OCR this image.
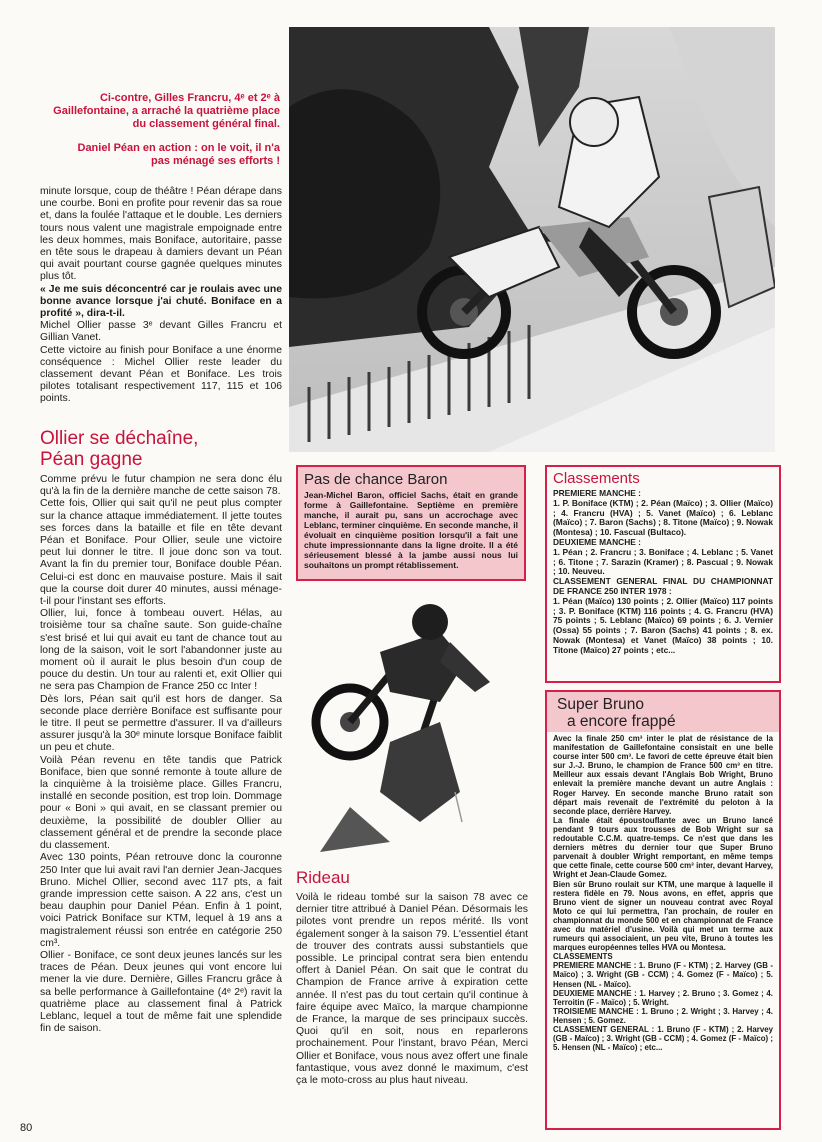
Ci-contre, Gilles Francru, 4ᵉ et 2ᵉ à Gaillefontaine, a arraché la quatrième place du classement général final.
Daniel Péan en action : on le voit, il n'a pas ménagé ses efforts !

minute lorsque, coup de théâtre ! Péan dérape dans une courbe. Boni en profite pour revenir das sa roue et, dans la foulée l'attaque et le double. Les derniers tours nous valent une magistrale empoignade entre les deux hommes, mais Boniface, autoritaire, passe en tête sous le drapeau à damiers devant un Péan qui avait pourtant course gagnée quelques minutes plus tôt.

« Je me suis déconcentré car je roulais avec une bonne avance lorsque j'ai chuté. Boniface en a profité », dira-t-il.

Michel Ollier passe 3ᵉ devant Gilles Francru et Gillian Vanet.

Cette victoire au finish pour Boniface a une énorme conséquence : Michel Ollier reste leader du classement devant Péan et Boniface. Les trois pilotes totalisant respectivement 117, 115 et 106 points.

Ollier se déchaîne,
Péan gagne

Comme prévu le futur champion ne sera donc élu qu'à la fin de la dernière manche de cette saison 78.

Cette fois, Ollier qui sait qu'il ne peut plus compter sur la chance attaque immédiatement. Il jette toutes ses forces dans la bataille et file en tête devant Péan et Boniface. Pour Ollier, seule une victoire peut lui donner le titre. Il joue donc son va tout. Avant la fin du premier tour, Boniface double Péan. Celui-ci est donc en mauvaise posture. Mais il sait que la course doit durer 40 minutes, aussi ménage-t-il pour l'instant ses efforts.

Ollier, lui, fonce à tombeau ouvert. Hélas, au troisième tour sa chaîne saute. Son guide-chaîne s'est brisé et lui qui avait eu tant de chance tout au long de la saison, voit le sort l'abandonner juste au moment où il aurait le plus besoin d'un coup de pouce du destin. Un tour au ralenti et, exit Ollier qui ne sera pas Champion de France 250 cc Inter !

Dès lors, Péan sait qu'il est hors de danger. Sa seconde place derrière Boniface est suffisante pour le titre. Il peut se permettre d'assurer. Il va d'ailleurs assurer jusqu'à la 30ᵉ minute lorsque Boniface faiblit un peu et chute.

Voilà Péan revenu en tête tandis que Patrick Boniface, bien que sonné remonte à toute allure de la cinquième à la troisième place. Gilles Francru, installé en seconde position, est trop loin. Dommage pour « Boni » qui avait, en se classant premier ou deuxième, la possibilité de doubler Ollier au classement général et de prendre la seconde place du classement.

Avec 130 points, Péan retrouve donc la couronne 250 Inter que lui avait ravi l'an dernier Jean-Jacques Bruno. Michel Ollier, second avec 117 pts, a fait grande impression cette saison. A 22 ans, c'est un beau dauphin pour Daniel Péan. Enfin à 1 point, voici Patrick Boniface sur KTM, lequel à 19 ans a magistralement réussi son entrée en catégorie 250 cm³.

Ollier - Boniface, ce sont deux jeunes lancés sur les traces de Péan. Deux jeunes qui vont encore lui mener la vie dure. Dernière, Gilles Francru grâce à sa belle performance à Gaillefontaine (4ᵉ 2ᵉ) ravit la quatrième place au classement final à Patrick Leblanc, lequel a tout de même fait une splendide fin de saison.

80
Pas de chance Baron

Jean-Michel Baron, officiel Sachs, était en grande forme à Gaillefontaine. Septième en première manche, il aurait pu, sans un accrochage avec Leblanc, terminer cinquième. En seconde manche, il évoluait en cinquième position lorsqu'il a fait une chute impressionnante dans la ligne droite. Il a été sérieusement blessé à la jambe aussi nous lui souhaitons un prompt rétablissement.

Rideau

Voilà le rideau tombé sur la saison 78 avec ce dernier titre attribué à Daniel Péan. Désormais les pilotes vont prendre un repos mérité. Ils vont également songer à la saison 79. L'essentiel étant de trouver des contrats aussi substantiels que possible. Le principal contrat sera bien entendu offert à Daniel Péan. On sait que le contrat du Champion de France arrive à expiration cette année. Il n'est pas du tout certain qu'il continue à faire équipe avec Maïco, la marque championne de France, la marque de ses principaux succès. Quoi qu'il en soit, nous en reparlerons prochainement. Pour l'instant, bravo Péan, Merci Ollier et Boniface, vous nous avez offert une finale fantastique, vous avez donné le maximum, c'est ça le moto-cross au plus haut niveau.

Classements

PREMIERE MANCHE :

1. P. Boniface (KTM) ; 2. Péan (Maïco) ; 3. Ollier (Maïco) ; 4. Francru (HVA) ; 5. Vanet (Maïco) ; 6. Leblanc (Maïco) ; 7. Baron (Sachs) ; 8. Titone (Maïco) ; 9. Nowak (Montesa) ; 10. Fascual (Bultaco).

DEUXIEME MANCHE :

1. Péan ; 2. Francru ; 3. Boniface ; 4. Leblanc ; 5. Vanet ; 6. Titone ; 7. Sarazin (Kramer) ; 8. Pascual ; 9. Nowak ; 10. Neuveu.

CLASSEMENT GENERAL FINAL DU CHAMPIONNAT DE FRANCE 250 INTER 1978 :

1. Péan (Maïco) 130 points ; 2. Ollier (Maïco) 117 points ; 3. P. Boniface (KTM) 116 points ; 4. G. Francru (HVA) 75 points ; 5. Leblanc (Maïco) 69 points ; 6. J. Vernier (Ossa) 55 points ; 7. Baron (Sachs) 41 points ; 8. ex. Nowak (Montesa) et Vanet (Maïco) 38 points ; 10. Titone (Maïco) 27 points ; etc...

Super Bruno
a encore frappé

Avec la finale 250 cm³ inter le plat de résistance de la manifestation de Gaillefontaine consistait en une belle course inter 500 cm³. Le favori de cette épreuve était bien sur J.-J. Bruno, le champion de France 500 cm³ en titre. Meilleur aux essais devant l'Anglais Bob Wright, Bruno enlevait la première manche devant un autre Anglais : Roger Harvey. En seconde manche Bruno ratait son départ mais revenait de l'extrémité du peloton à la seconde place, derrière Harvey.

La finale était époustouflante avec un Bruno lancé pendant 9 tours aux trousses de Bob Wright sur sa redoutable C.C.M. quatre-temps. Ce n'est que dans les derniers mètres du dernier tour que Super Bruno parvenait à doubler Wright remportant, en même temps que cette finale, cette course 500 cm³ inter, devant Harvey, Wright et Jean-Claude Gomez.

Bien sûr Bruno roulait sur KTM, une marque à laquelle il restera fidèle en 79. Nous avons, en effet, appris que Bruno vient de signer un nouveau contrat avec Royal Moto ce qui lui permettra, l'an prochain, de rouler en championnat du monde 500 et en championnat de France avec du matériel d'usine. Voilà qui met un terme aux rumeurs qui associaient, un peu vite, Bruno à toutes les marques européennes telles HVA ou Montesa.

CLASSEMENTS

PREMIERE MANCHE : 1. Bruno (F - KTM) ; 2. Harvey (GB - Maïco) ; 3. Wright (GB - CCM) ; 4. Gomez (F - Maïco) ; 5. Hensen (NL - Maïco).

DEUXIEME MANCHE : 1. Harvey ; 2. Bruno ; 3. Gomez ; 4. Terroitin (F - Maïco) ; 5. Wright.

TROISIEME MANCHE : 1. Bruno ; 2. Wright ; 3. Harvey ; 4. Hensen ; 5. Gomez.

CLASSEMENT GENERAL : 1. Bruno (F - KTM) ; 2. Harvey (GB - Maïco) ; 3. Wright (GB - CCM) ; 4. Gomez (F - Maïco) ; 5. Hensen (NL - Maïco) ; etc...
